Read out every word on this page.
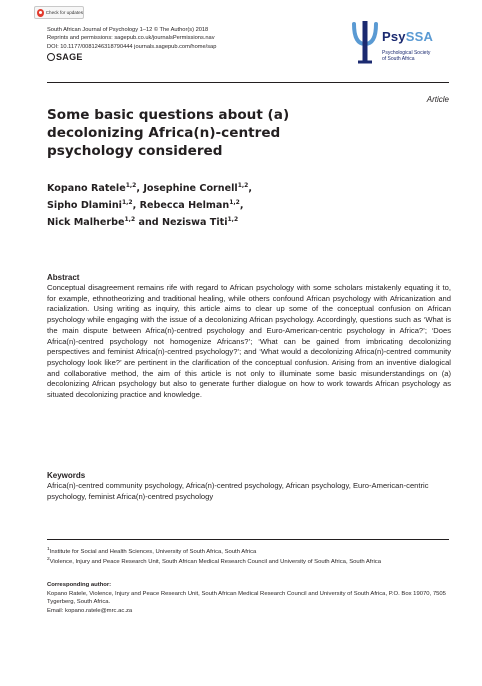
Check for updates
South African Journal of Psychology 1–12 © The Author(s) 2018
Reprints and permissions: sagepub.co.uk/journalsPermissions.nav
DOI: 10.1177/0081246318790444 journals.sagepub.com/home/sap
SAGE
PsySSA
Psychological Society
of South Africa
Article
Some basic questions about (a) decolonizing Africa(n)-centred psychology considered
Kopano Ratele$^{1,2}$, Josephine Cornell$^{1,2}$,
Sipho Dlamini$^{1,2}$, Rebecca Helman$^{1,2}$,
Nick Malherbe$^{1,2}$ and Neziswa Titi$^{1,2}$
Abstract

Conceptual disagreement remains rife with regard to African psychology with some scholars mistakenly equating it to, for example, ethnotheorizing and traditional healing, while others confound African psychology with Africanization and racialization. Using writing as inquiry, this article aims to clear up some of the conceptual confusion on African psychology while engaging with the issue of a decolonizing African psychology. Accordingly, questions such as ‘What is the main dispute between Africa(n)-centred psychology and Euro-American-centric psychology in Africa?’; ‘Does Africa(n)-centred psychology not homogenize Africans?’; ‘What can be gained from imbricating decolonizing perspectives and feminist Africa(n)-centred psychology?’; and ‘What would a decolonizing Africa(n)-centred community psychology look like?’ are pertinent in the clarification of the conceptual confusion. Arising from an inventive dialogical and collaborative method, the aim of this article is not only to illuminate some basic misunderstandings on (a) decolonizing African psychology but also to generate further dialogue on how to work towards African psychology as situated decolonizing practice and knowledge.

Keywords

Africa(n)-centred community psychology, Africa(n)-centred psychology, African psychology, Euro-American-centric psychology, feminist Africa(n)-centred psychology

$^1$Institute for Social and Health Sciences, University of South Africa, South Africa
$^2$Violence, Injury and Peace Research Unit, South African Medical Research Council and University of South Africa, South Africa
Corresponding author:
Kopano Ratele, Violence, Injury and Peace Research Unit, South African Medical Research Council and University of South Africa, P.O. Box 19070, 7505 Tygerberg, South Africa.
Email: kopano.ratele@mrc.ac.za
